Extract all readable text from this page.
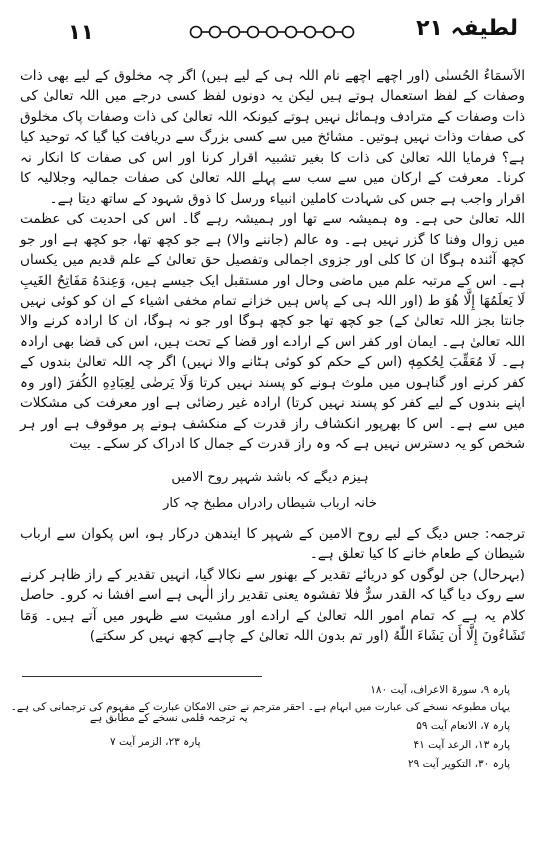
۱۱	لطیفہ ۲۱

الاَسمَاءُ الحُسنٰی (اور اچھے اچھے نام اللہ ہی کے لیے ہیں) اگر چہ مخلوق کے لیے بھی ذات وصفات کے لفظ استعمال ہوتے ہیں لیکن یہ دونوں لفظ کسی درجے میں اللہ تعالیٰ کی ذات وصفات کے مترادف وہمائل نہیں ہوتے کیونکہ اللہ تعالیٰ کی ذات وصفات پاک مخلوق کی صفات وذات نہیں ہوتیں۔ مشائخ میں سے کسی بزرگ سے دریافت کیا گیا کہ توحید کیا ہے؟ فرمایا اللہ تعالیٰ کی ذات کا بغیر تشبیہ اقرار کرنا اور اس کی صفات کا انکار نہ کرنا۔ معرفت کے ارکان میں سے سب سے پہلے اللہ تعالیٰ کی صفات جمالیہ وجلالیہ کا اقرار واجب ہے جس کی شہادت کاملین انبیاء ورسل کا ذوق شہود کے ساتھ دیتا ہے۔

اللہ تعالیٰ حی ہے۔ وہ ہمیشہ سے تھا اور ہمیشہ رہے گا۔ اس کی احدیت کی عظمت میں زوال وفنا کا گزر نہیں ہے۔ وہ عالم (جاننے والا) ہے جو کچھ تھا، جو کچھ ہے اور جو کچھ آئندہ ہوگا ان کا کلی اور جزوی اجمالی وتفصیل حق تعالیٰ کے علم قدیم میں یکساں ہے۔ اس کے مرتبہ علم میں ماضی وحال اور مستقبل ایک جیسے ہیں، وَعِندَهُ مَفَاتِحُ الغَیبِ لَا یَعلَمُهَا إِلَّا هُوَ ط (اور اللہ ہی کے پاس ہیں خزانے تمام مخفی اشیاء کے ان کو کوئی نہیں جانتا بجز اللہ تعالیٰ کے) جو کچھ تھا جو کچھ ہوگا اور جو نہ ہوگا، ان کا ارادہ کرنے والا اللہ تعالیٰ ہے۔ ایمان اور کفر اس کے ارادے اور قضا کے تحت ہیں، اس کی قضا بھی ارادہ ہے۔ لَا مُعَقِّبَ لِحُکمِهٖ (اس کے حکم کو کوئی ہٹانے والا نہیں) اگر چہ اللہ تعالیٰ بندوں کے کفر کرنے اور گناہوں میں ملوث ہونے کو پسند نہیں کرتا وَلَا یَرضٰی لِعِبَادِهِ الکُفرَ (اور وہ اپنے بندوں کے لیے کفر کو پسند نہیں کرتا) ارادہ غیر رضائی ہے اور معرفت کی مشکلات میں سے ہے۔ اس کا بھرپور انکشاف راز قدرت کے منکشف ہونے پر موقوف ہے اور ہر شخص کو یہ دسترس نہیں ہے کہ وہ راز قدرت کے جمال کا ادراک کر سکے۔ بیت

ہیزم دیگے کہ باشد شہپر روح الامیں
خانہ ارباب شیطاں رادراں مطبخ چہ کار

ترجمہ: جس دیگ کے لیے روح الامین کے شہپر کا ایندھن درکار ہو، اس پکوان سے ارباب شیطان کے طعام خانے کا کیا تعلق ہے۔

(بہرحال) جن لوگوں کو دریائے تقدیر کے بھنور سے نکالا گیا، انہیں تقدیر کے راز ظاہر کرنے سے روک دیا گیا کہ القدر سرٌّ فلا تفشوہ یعنی تقدیر راز الٰہی ہے اسے افشا نہ کرو۔ حاصل کلام یہ ہے کہ تمام امور اللہ تعالیٰ کے ارادے اور مشیت سے ظہور میں آتے ہیں۔ وَمَا تَشَاءُونَ إِلَّا أَن یَشَاءَ اللّٰهُ (اور تم بدون اللہ تعالیٰ کے چاہے کچھ نہیں کر سکتے)

پارہ ۹، سورۃ الاعراف، آیت ۱۸۰
یہاں مطبوعہ نسخے کی عبارت میں ابہام ہے۔ احقر مترجم نے حتی الامکان عبارت کے مفہوم کی ترجمانی کی ہے۔
پارہ ۷، الانعام آیت ۵۹
یہ ترجمہ قلمی نسخے کے مطابق ہے
پارہ ۱۳، الرعد آیت ۴۱
پارہ ۲۳، الزمر آیت ۷
پارہ ۳۰، التکویر آیت ۲۹
